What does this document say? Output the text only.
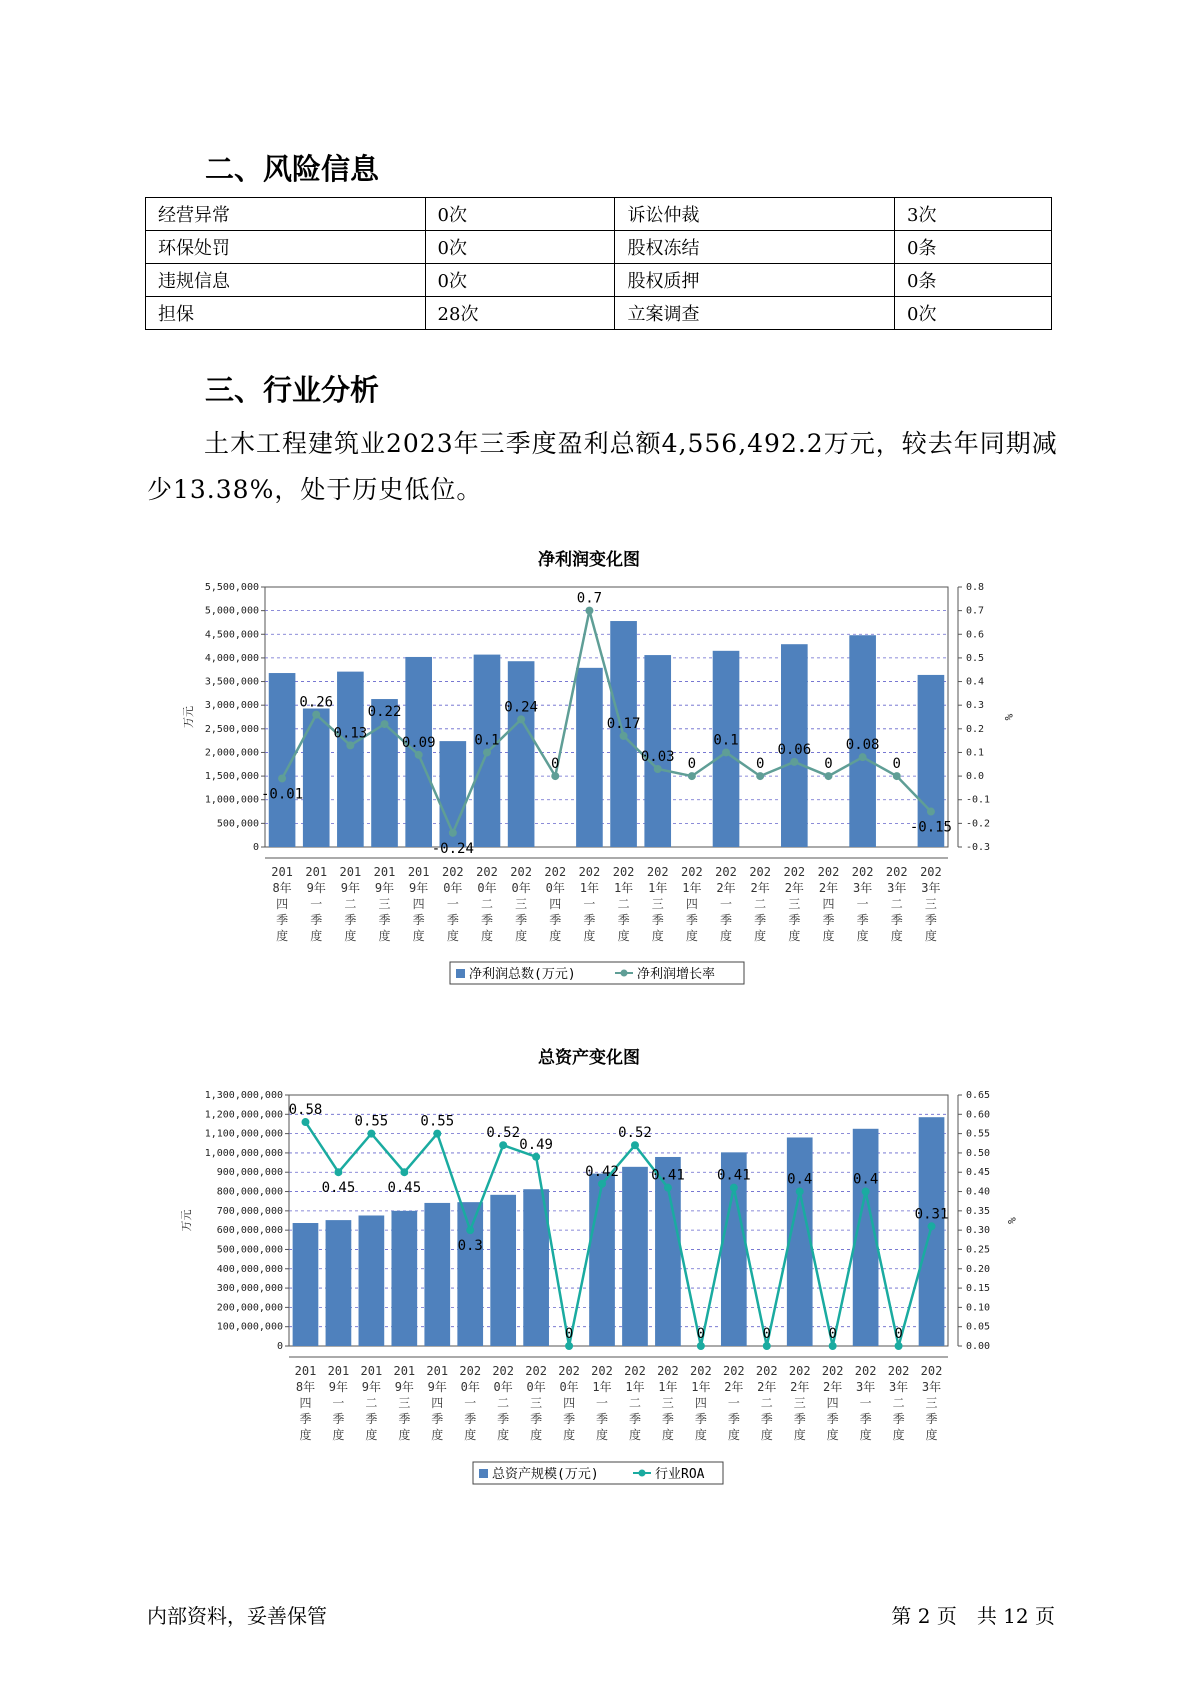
二、风险信息
经营异常	0次	诉讼仲裁	3次
环保处罚	0次	股权冻结	0条
违规信息	0次	股权质押	0条
担保	28次	立案调查	0次
三、行业分析
土木工程建筑业2023年三季度盈利总额4,556,492.2万元，较去年同期减少13.38%，处于历史低位。
净利润变化图
5,500,000
5,000,000
4,500,000
4,000,000
3,500,000
3,000,000
2,500,000
2,000,000
1,500,000
1,000,000
500,000
0
0.8
0.7
0.6
0.5
0.4
0.3
0.2
0.1
0.0
-0.1
-0.2
-0.3
万元	%
-0.01
0.26
0.13
0.22
0.09
-0.24
0.1
0.24
0
0.7
0.17
0.03 0
0.1
0
0.06
0
0.08
0
-0.15
201
8年
四
季
度
201
9年
一
季
度
201
9年
二
季
度
201
9年
三
季
度
201
9年
四
季
度
202
0年
一
季
度
202
0年
二
季
度
202
0年
三
季
度
202
0年
四
季
度
202
1年
一
季
度
202
1年
二
季
度
202
1年
三
季
度
202
1年
四
季
度
202
2年
一
季
度
202
2年
二
季
度
202
2年
三
季
度
202
2年
四
季
度
202
3年
一
季
度
202
3年
二
季
度
202
3年
三
季
度
净利润总数(万元)	净利润增长率
总资产变化图
1,300,000,000
1,200,000,000
1,100,000,000
1,000,000,000
900,000,000
800,000,000
700,000,000
600,000,000
500,000,000
400,000,000
300,000,000
200,000,000
100,000,000
0
0.65
0.60
0.55
0.50
0.45
0.40
0.35
0.30
0.25
0.20
0.15
0.10
0.05
0.00
万元	%
0.58
0.45
0.55
0.45
0.55
0.3
0.52
0.49
0
0.42
0.52
0.41
0
0.41
0
0.4
0
0.4
0
0.31
201
8年
四
季
度
201
9年
一
季
度
201
9年
二
季
度
201
9年
三
季
度
201
9年
四
季
度
202
0年
一
季
度
202
0年
二
季
度
202
0年
三
季
度
202
0年
四
季
度
202
1年
一
季
度
202
1年
二
季
度
202
1年
三
季
度
202
1年
四
季
度
202
2年
一
季
度
202
2年
二
季
度
202
2年
三
季
度
202
2年
四
季
度
202
3年
一
季
度
202
3年
二
季
度
202
3年
三
季
度
总资产规模(万元)	行业ROA
内部资料，妥善保管	第 2 页　共 12 页
